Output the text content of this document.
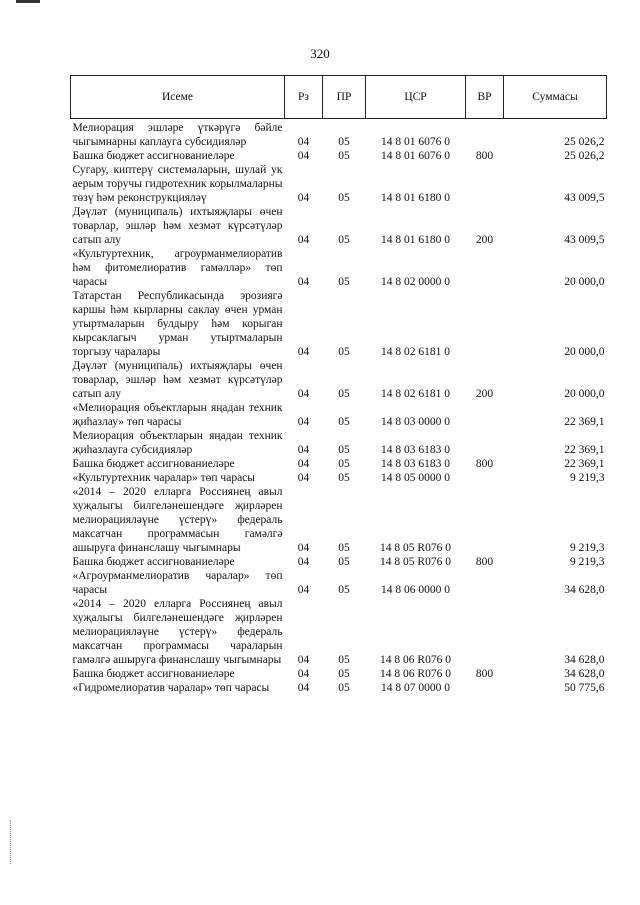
320
Исеме	Рз	ПР	ЦСР	ВР	Суммасы
Мелиорация эшләре үткәрүгә бәйле чыгымнарны каплауга субсидияләр	04	05	14 8 01 6076 0		25 026,2
Башка бюджет ассигнованиеләре	04	05	14 8 01 6076 0	800	25 026,2
Сугару, киптерү системаларын, шулай ук аерым торучы гидротехник корылмаларны төзү һәм реконструкцияләү	04	05	14 8 01 6180 0		43 009,5
Дәүләт (муниципаль) ихтыяҗлары өчен товарлар, эшләр һәм хезмәт күрсәтүләр сатып алу	04	05	14 8 01 6180 0	200	43 009,5
«Культуртехник, агроурманмелиоратив һәм фитомелиоратив гамәлләр» төп чарасы	04	05	14 8 02 0000 0		20 000,0
Татарстан Республикасында эрозиягә каршы һәм кырларны саклау өчен урман утыртмаларын булдыру һәм корыган кырсаклагыч урман утыртмаларын торгызу чаралары	04	05	14 8 02 6181 0		20 000,0
Дәүләт (муниципаль) ихтыяҗлары өчен товарлар, эшләр һәм хезмәт күрсәтүләр сатып алу	04	05	14 8 02 6181 0	200	20 000,0
«Мелиорация объектларын яңадан техник җиһазлау» төп чарасы	04	05	14 8 03 0000 0		22 369,1
Мелиорация объектларын яңадан техник җиһазлауга субсидияләр	04	05	14 8 03 6183 0		22 369,1
Башка бюджет ассигнованиеләре	04	05	14 8 03 6183 0	800	22 369,1
«Культуртехник чаралар» төп чарасы	04	05	14 8 05 0000 0		9 219,3
«2014 – 2020 елларга Россиянең авыл хуҗалыгы билгеләнешендәге җирләрен мелиорацияләүне үстерү» федераль максатчан программасын гамәлгә ашыруга финанслашу чыгымнары	04	05	14 8 05 R076 0		9 219,3
Башка бюджет ассигнованиеләре	04	05	14 8 05 R076 0	800	9 219,3
«Агроурманмелиоратив чаралар» төп чарасы	04	05	14 8 06 0000 0		34 628,0
«2014 – 2020 елларга Россиянең авыл хуҗалыгы билгеләнешендәге җирләрен мелиорацияләүне үстерү» федераль максатчан программасы чараларын гамәлгә ашыруга финанслашу чыгымнары	04	05	14 8 06 R076 0		34 628,0
Башка бюджет ассигнованиеләре	04	05	14 8 06 R076 0	800	34 628,0
«Гидромелиоратив чаралар» төп чарасы	04	05	14 8 07 0000 0		50 775,6
